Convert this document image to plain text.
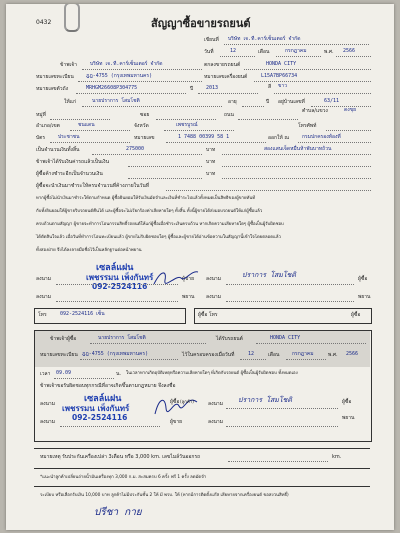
0432	สัญญาซื้อขายรถยนต์
เขียนที่ บริษัท เจ.ที.คาร์เซ็นเตอร์ จำกัด
วันที่	12	เดือน	กรกฎาคม	พ.ศ. 2566
ข้าพเจ้า	บริษัท เจ.ที.คาร์เซ็นเตอร์ จำกัด	ตกลงขายรถยนต์	HONDA CITY
หมายเลขทะเบียน ฎฎ-4755 (กรุงเทพมหานคร)	หมายเลขเครื่องยนต์	L15A7BP66734
หมายเลขตัวถัง	MRHGM26608P304775	ปี	2013	สี ขาว
ให้แก่	นายปราการ โสมโชติ	อายุ	ปี อยู่บ้านเลขที่	63/11
หมู่ที่	ซอย	ถนน
ตำบล/แขวง	ดงขุย
อำเภอ/เขต	ชนแดน	จังหวัด	เพชรบูรณ์	โทรศัพท์
บัตร	ประชาชน	หมายเลข	1 7488 00399 58 1	ออกให้ ณ	กรมปกครองท้องที่
เป็นจำนวนเงินทั้งสิ้น	275000	บาท	สองแสนเจ็ดหมื่นห้าพันบาทถ้วน
ข้าพเจ้าได้รับเงินค่ารถแล้วเป็นเงิน	บาท
ผู้ซื้อค้างชำระอีกเป็นจำนวนเงิน	บาท
ผู้ซื้อจะนำเงินมาชำระให้ครบจำนวนที่ค้างภายในวันที่
หากผู้ซื้อไม่นำเงินมาชำระให้ตามกำหนด ผู้ซื้อยินยอมให้รับเงินมัดจำและเงินที่ชำระไปแล้วทั้งหมดเป็นสิทธิของผู้ขายทันที
กับทั้งยินยอมให้ผู้ขายริบรถยนต์คืนได้ และผู้ซื้อจะไม่เรียกร้องค่าเสียหายใดๆ ทั้งสิ้น ทั้งนี้ผู้ขายได้ส่งมอบรถยนต์ให้แก่ผู้ซื้อแล้ว
ครบถ้วนตามสัญญา ผู้ขายจะทำการโอนกรรมสิทธิ์รถยนต์ให้แก่ผู้ซื้อเมื่อชำระเงินครบถ้วน หากเกิดความเสียหายใดๆ ผู้ซื้อเป็นผู้รับผิดชอบ
ได้ตัดสินใจแล้ว เมื่อวันที่ทำการโอนทะเบียนแล้ว ผู้ขายไม่รับผิดชอบใดๆ ผู้ซื้อและผู้ขายได้อ่านข้อความในสัญญานี้เข้าใจโดยตลอดแล้ว
ทั้งสองฝ่าย จึงได้ลงลายมือชื่อไว้เป็นหลักฐานต่อหน้าพยาน
เซลล์แฝน
เพชรรมน เพ็งกันทร์
092-2524116
ลงนาม	ผู้ขาย ลงนาม	ปราการ โสมโชติ	ผู้ซื้อ
ลงนาม	พยาน ลงนาม	พยาน
โทร	092-2524116 เซ็น	ผู้ซื้อ โทร	ผู้ซื้อ
ข้าพเจ้าผู้ซื้อ	นายปราการ โสมโชติ	ได้รับรถยนต์	HONDA CITY
หมายเลขทะเบียน ฎฎ-4755 (กรุงเทพมหานคร)	ไว้ในครอบครองเมื่อวันที่	12	เดือน	กรกฎาคม	พ.ศ. 2566
เวลา 09.09	น. ในเวลาหากเกิดอุบัติเหตุหรือความเสียหายใดๆ ที่เกิดกับรถยนต์ ผู้ซื้อเป็นผู้รับผิดชอบ ทั้งหมดเอง
ข้าพเจ้าขอรับผิดชอบทุกกรณีที่อาจเกิดขึ้นตามกฎหมาย จึงลงชื่อ
เซลล์แฝน
เพชรรมน เพ็งกันทร์
092-2524116
ลงนาม	ผู้ซื้อ (ลูกค้า)	ลงนาม ปราการ โสมโชติ	ผู้ซื้อ
ลงนาม	ผู้ขาย	ลงนาม
พยาน
หมายเหตุ รับประกันเครื่องเปล่า 3เดือน หรือ 3,000 km. เลขไมล์วันออกรถ	km.
*แนะนำลูกค้าเปลี่ยนถ่ายน้ำมันเครื่องทุก 3,000 ก.ม. สะสมครบ 6 ครั้ง ฟรี 1 ครั้ง ลดมัดจำ
ระเบียบ หรือเลือกรับเงิน 10,000 บาท ลูกค้าไม่มีประกันชั้น 2 ให้ มี พรบ. ให้ (หากมีการติดตั้งแก๊ส เสียหายจากเครื่องยนต์ ขอสงวนสิทธิ์)
ปรีชา กาย
